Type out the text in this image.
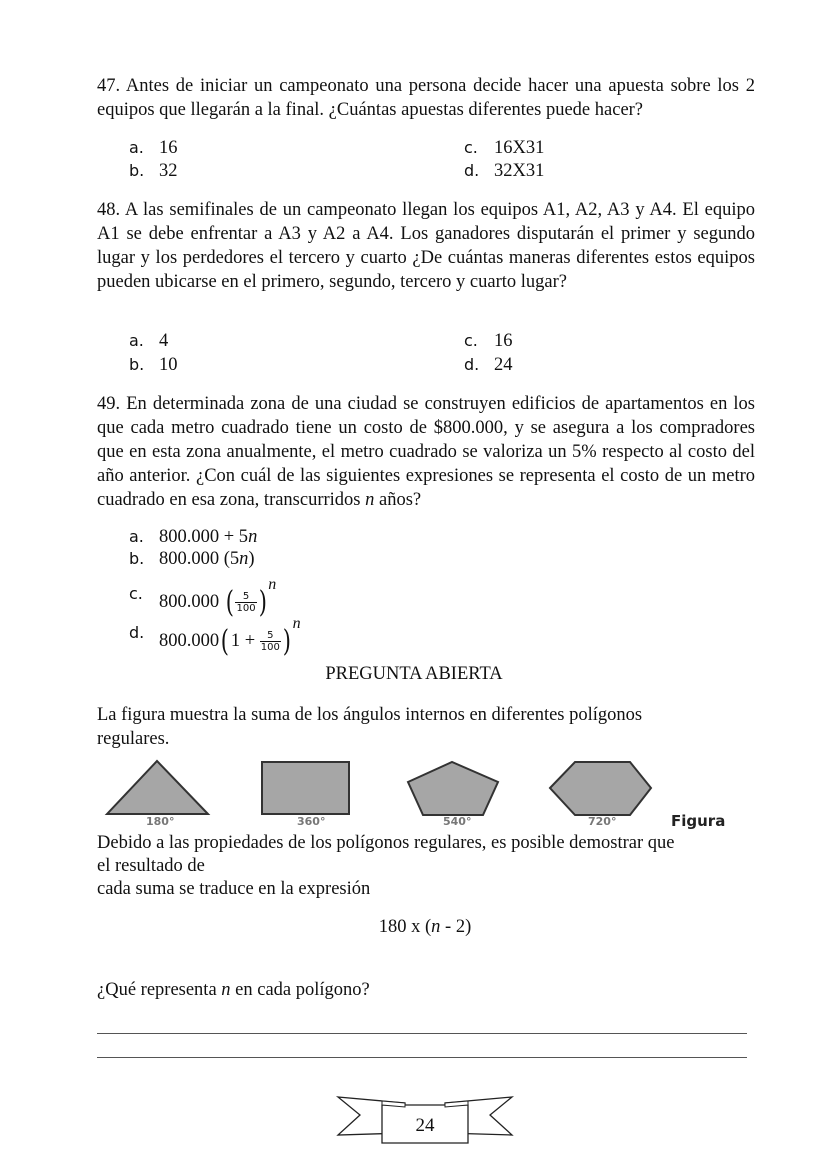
47. Antes de iniciar un campeonato una persona decide hacer una apuesta sobre los 2 equipos que llegarán a la final. ¿Cuántas apuestas diferentes puede hacer?
a. 16
b. 32
c. 16X31
d. 32X31
48. A las semifinales de un campeonato llegan los equipos A1, A2, A3 y A4. El equipo A1 se debe enfrentar a A3 y A2 a A4. Los ganadores disputarán el primer y segundo lugar y los perdedores el tercero y cuarto ¿De cuántas maneras diferentes estos equipos pueden ubicarse en el primero, segundo, tercero y cuarto lugar?
a. 4
b. 10
c. 16
d. 24
49. En determinada zona de una ciudad se construyen edificios de apartamentos en los que cada metro cuadrado tiene un costo de $800.000, y se asegura a los compradores que en esta zona anualmente, el metro cuadrado se valoriza un 5% respecto al costo del año anterior. ¿Con cuál de las siguientes expresiones se representa el costo de un metro cuadrado en esa zona, transcurridos n años?
a. 800.000 + 5n
b. 800.000 (5n)
c. 800.000 ( $\frac{5}{100} )n$
d. $800.000(1 + \frac{5}{100} )n$
PREGUNTA ABIERTA
La figura muestra la suma de los ángulos internos en diferentes polígonos regulares.
180°	360°	540°	720°	Figura
Debido a las propiedades de los polígonos regulares, es posible demostrar que
el resultado de
cada suma se traduce en la expresión
180 x (n - 2)
¿Qué representa n en cada polígono?
24
